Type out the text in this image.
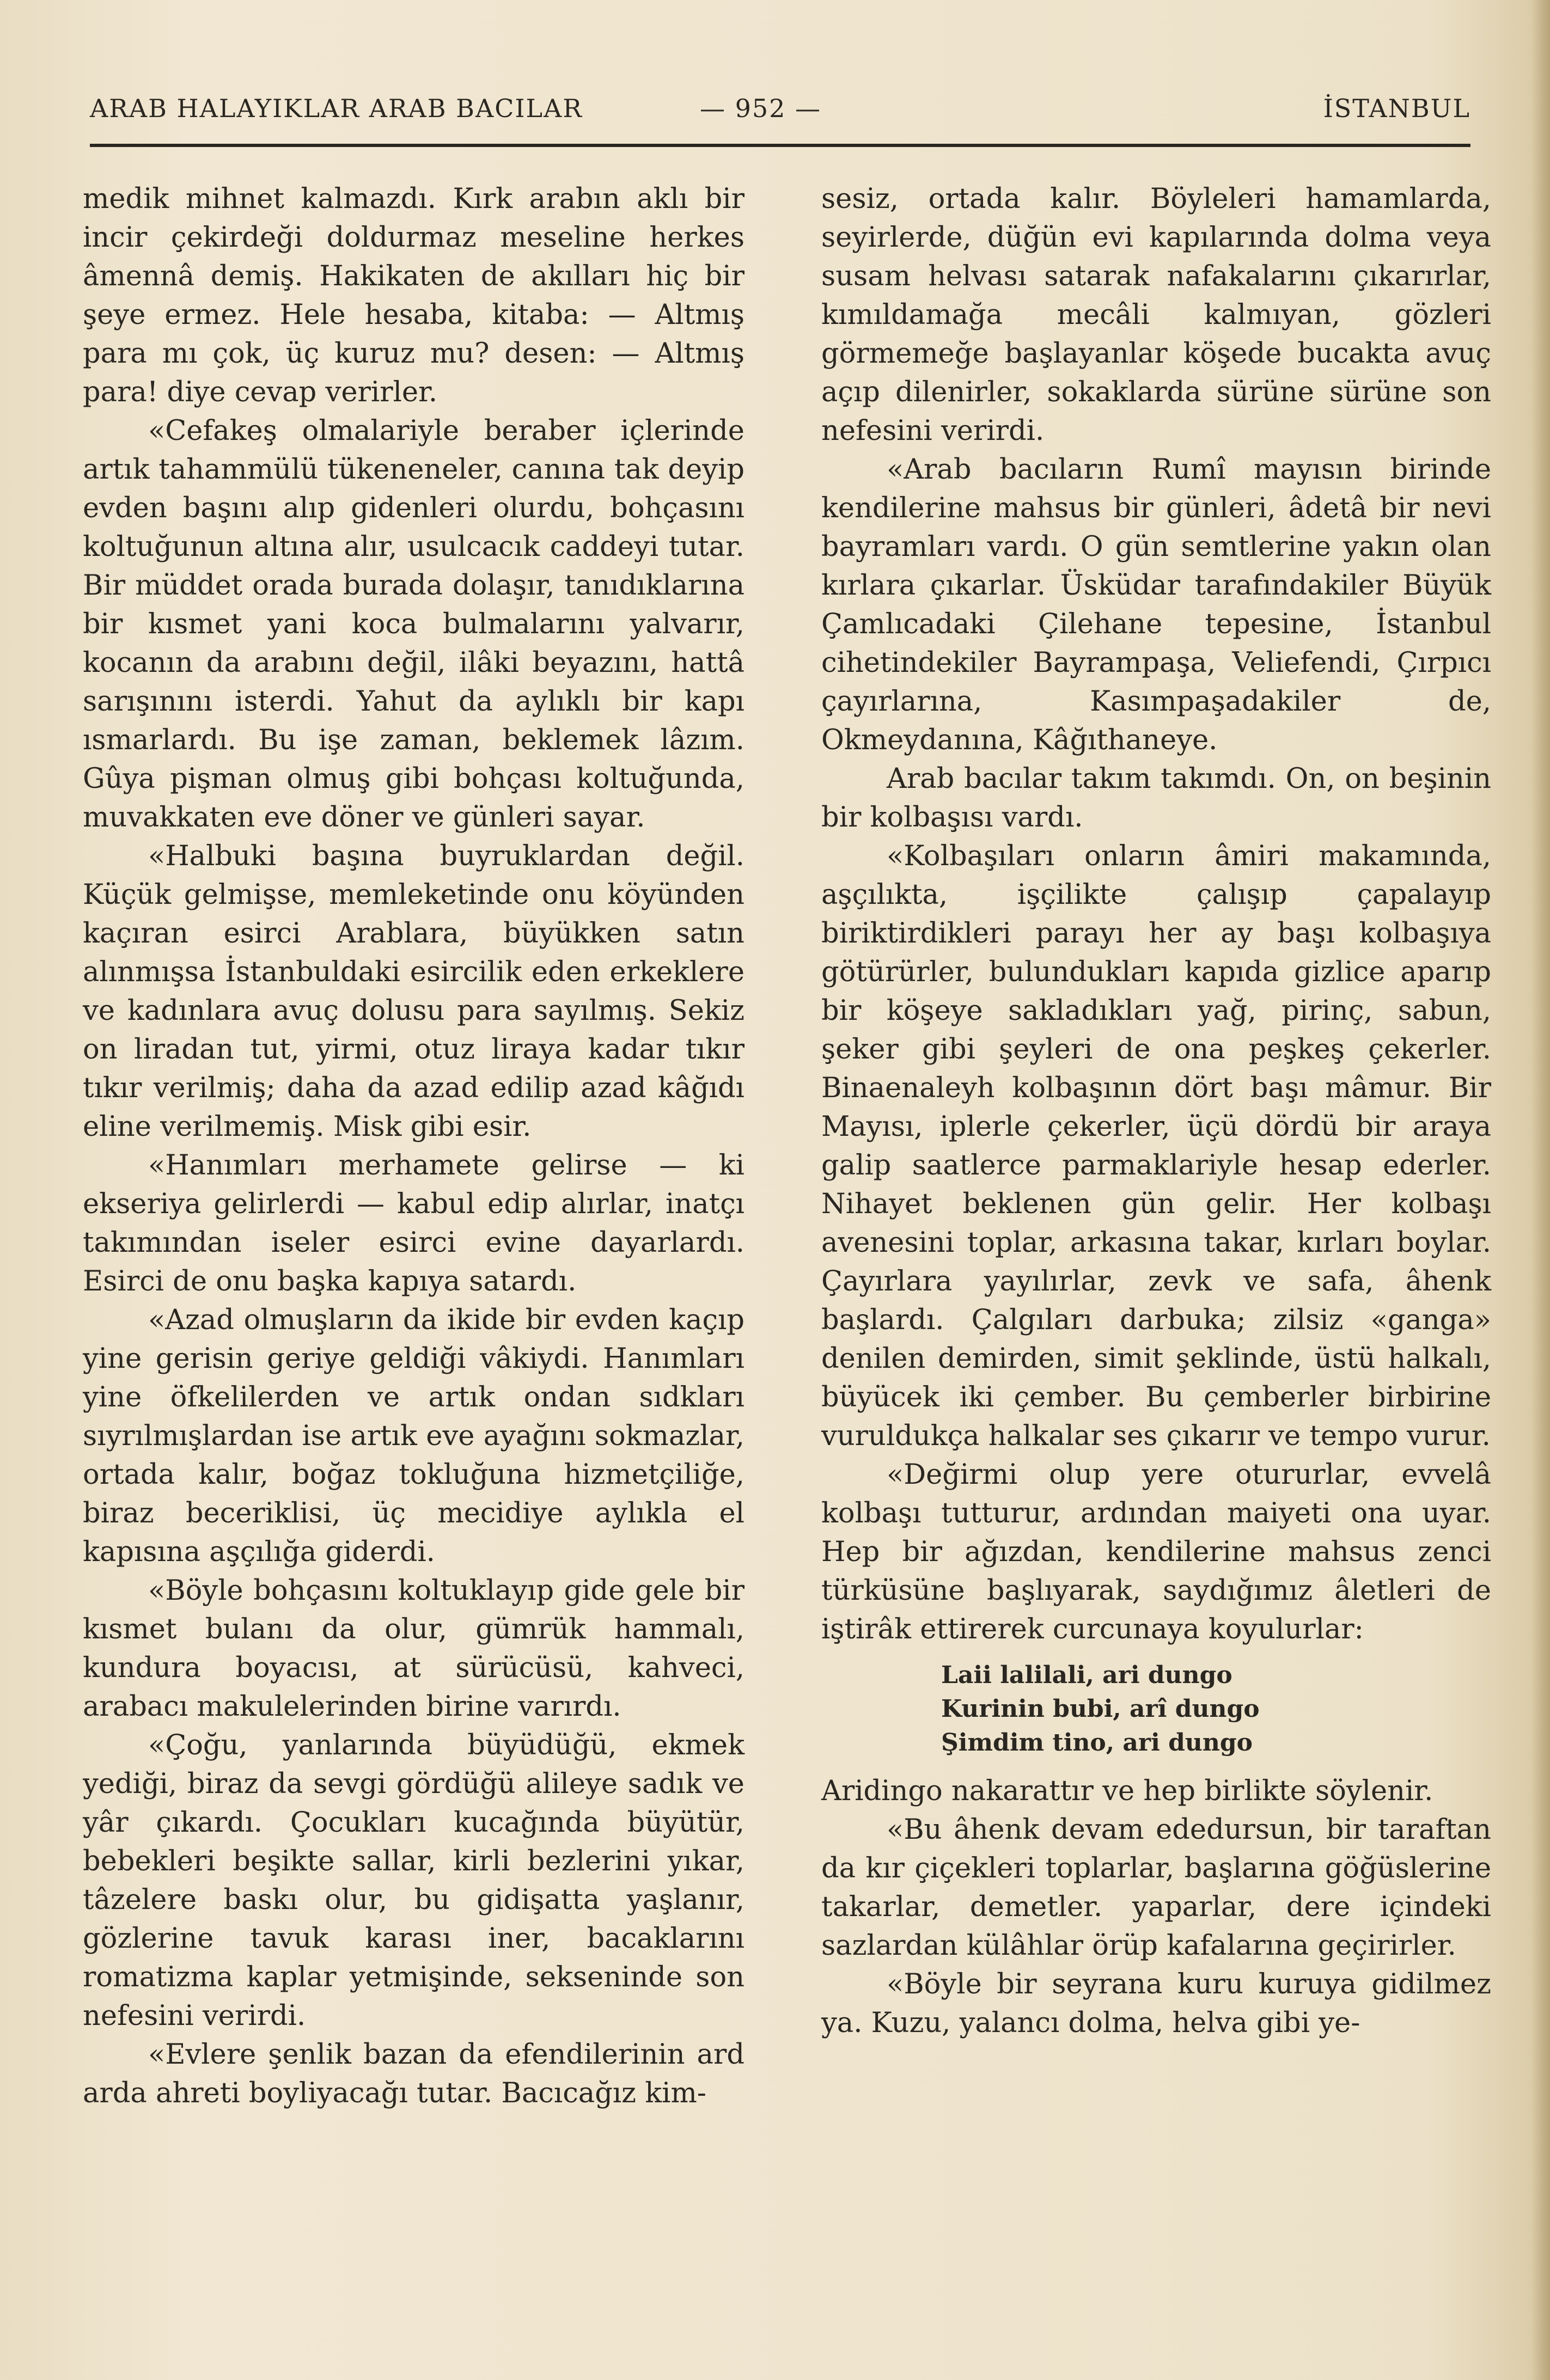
ARAB HALAYIKLAR ARAB BACILAR	— 952 —	İSTANBUL

medik mihnet kalmazdı. Kırk arabın aklı bir incir çekirdeği doldurmaz meseline herkes âmennâ demiş. Hakikaten de akılları hiç bir şeye ermez. Hele hesaba, kitaba: — Altmış para mı çok, üç kuruz mu? desen: — Altmış para! diye cevap verirler.

«Cefakeş olmalariyle beraber içlerinde artık tahammülü tükeneneler, canına tak deyip evden başını alıp gidenleri olurdu, bohçasını koltuğunun altına alır, usulcacık caddeyi tutar. Bir müddet orada burada dolaşır, tanıdıklarına bir kısmet yani koca bulmalarını yalvarır, kocanın da arabını değil, ilâki beyazını, hattâ sarışınını isterdi. Yahut da aylıklı bir kapı ısmarlardı. Bu işe zaman, beklemek lâzım. Gûya pişman olmuş gibi bohçası koltuğunda, muvakkaten eve döner ve günleri sayar.

«Halbuki başına buyruklardan değil. Küçük gelmişse, memleketinde onu köyünden kaçıran esirci Arablara, büyükken satın alınmışsa İstanbuldaki esircilik eden erkeklere ve kadınlara avuç dolusu para sayılmış. Sekiz on liradan tut, yirmi, otuz liraya kadar tıkır tıkır verilmiş; daha da azad edilip azad kâğıdı eline verilmemiş. Misk gibi esir.

«Hanımları merhamete gelirse — ki ekseriya gelirlerdi — kabul edip alırlar, inatçı takımından iseler esirci evine dayarlardı. Esirci de onu başka kapıya satardı.

«Azad olmuşların da ikide bir evden kaçıp yine gerisin geriye geldiği vâkiydi. Hanımları yine öfkelilerden ve artık ondan sıdkları sıyrılmışlardan ise artık eve ayağını sokmazlar, ortada kalır, boğaz tokluğuna hizmetçiliğe, biraz beceriklisi, üç mecidiye aylıkla el kapısına aşçılığa giderdi.

«Böyle bohçasını koltuklayıp gide gele bir kısmet bulanı da olur, gümrük hammalı, kundura boyacısı, at sürücüsü, kahveci, arabacı makulelerinden birine varırdı.

«Çoğu, yanlarında büyüdüğü, ekmek yediği, biraz da sevgi gördüğü alileye sadık ve yâr çıkardı. Çocukları kucağında büyütür, bebekleri beşikte sallar, kirli bezlerini yıkar, tâzelere baskı olur, bu gidişatta yaşlanır, gözlerine tavuk karası iner, bacaklarını romatizma kaplar yetmişinde, sekseninde son nefesini verirdi.

«Evlere şenlik bazan da efendilerinin ard arda ahreti boyliyacağı tutar. Bacıcağız kim-

sesiz, ortada kalır. Böyleleri hamamlarda, seyirlerde, düğün evi kapılarında dolma veya susam helvası satarak nafakalarını çıkarırlar, kımıldamağa mecâli kalmıyan, gözleri görmemeğe başlayanlar köşede bucakta avuç açıp dilenirler, sokaklarda sürüne sürüne son nefesini verirdi.

«Arab bacıların Rumî mayısın birinde kendilerine mahsus bir günleri, âdetâ bir nevi bayramları vardı. O gün semtlerine yakın olan kırlara çıkarlar. Üsküdar tarafındakiler Büyük Çamlıcadaki Çilehane tepesine, İstanbul cihetindekiler Bayrampaşa, Veliefendi, Çırpıcı çayırlarına, Kasımpaşadakiler de, Okmeydanına, Kâğıthaneye.

Arab bacılar takım takımdı. On, on beşinin bir kolbaşısı vardı.

«Kolbaşıları onların âmiri makamında, aşçılıkta, işçilikte çalışıp çapalayıp biriktirdikleri parayı her ay başı kolbaşıya götürürler, bulundukları kapıda gizlice aparıp bir köşeye sakladıkları yağ, pirinç, sabun, şeker gibi şeyleri de ona peşkeş çekerler. Binaenaleyh kolbaşının dört başı mâmur. Bir Mayısı, iplerle çekerler, üçü dördü bir araya galip saatlerce parmaklariyle hesap ederler. Nihayet beklenen gün gelir. Her kolbaşı avenesini toplar, arkasına takar, kırları boylar. Çayırlara yayılırlar, zevk ve safa, âhenk başlardı. Çalgıları darbuka; zilsiz «ganga» denilen demirden, simit şeklinde, üstü halkalı, büyücek iki çember. Bu çemberler birbirine vuruldukça halkalar ses çıkarır ve tempo vurur.

«Değirmi olup yere otururlar, evvelâ kolbaşı tutturur, ardından maiyeti ona uyar. Hep bir ağızdan, kendilerine mahsus zenci türküsüne başlıyarak, saydığımız âletleri de iştirâk ettirerek curcunaya koyulurlar:

Laii lalilali, ari dungo
Kurinin bubi, arî dungo
Şimdim tino, ari dungo

Aridingo nakarattır ve hep birlikte söylenir.

«Bu âhenk devam ededursun, bir taraftan da kır çiçekleri toplarlar, başlarına göğüslerine takarlar, demetler. yaparlar, dere içindeki sazlardan külâhlar örüp kafalarına geçirirler.

«Böyle bir seyrana kuru kuruya gidilmez ya. Kuzu, yalancı dolma, helva gibi ye-
